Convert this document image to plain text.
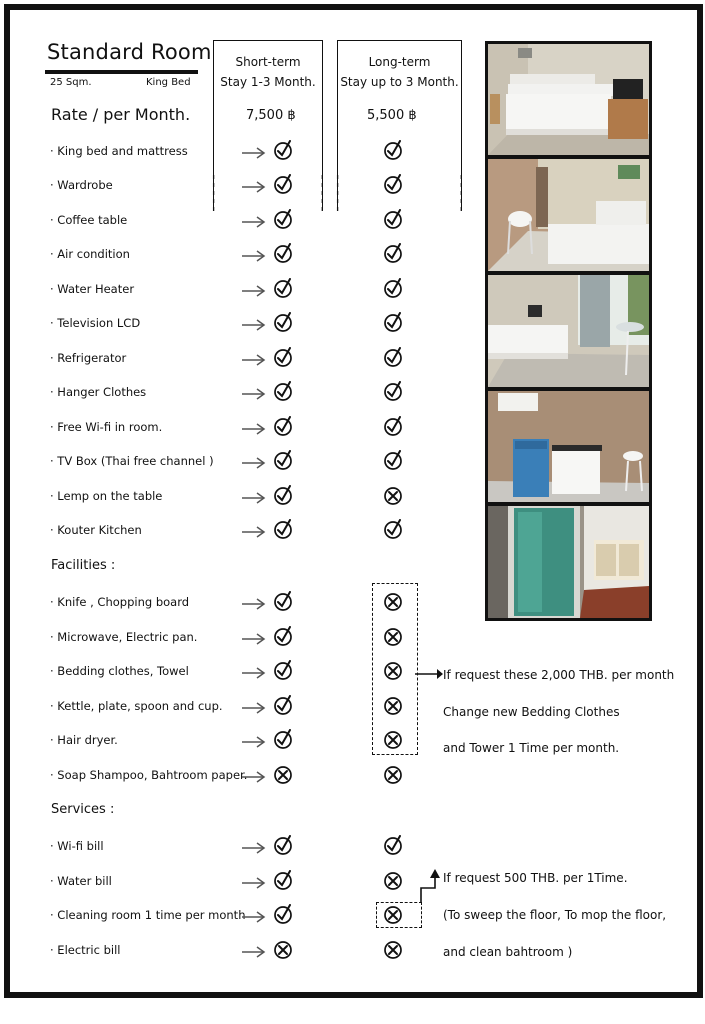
Standard Room
25 Sqm.	King Bed
Rate / per Month.
Short-term
Stay 1-3 Month.
Long-term
Stay up to 3 Month.
7,500 ฿	5,500 ฿
· King bed and mattress
· Wardrobe
· Coffee table
· Air condition
· Water Heater
· Television LCD
· Refrigerator
· Hanger Clothes
· Free Wi-fi in room.
· TV Box (Thai free channel )
· Lemp on the table
· Kouter Kitchen
· Knife , Chopping board
· Microwave, Electric pan.
· Bedding clothes, Towel
· Kettle, plate, spoon and cup.
· Hair dryer.
· Soap Shampoo, Bahtroom paper.
· Wi-fi bill
· Water bill
· Cleaning room 1 time per month
· Electric bill
Facilities :
Services :
If request these 2,000 THB. per month
Change new Bedding Clothes
and Tower 1 Time per month.
If request 500 THB. per 1Time.
(To sweep the floor, To mop the floor,
and clean bahtroom )
